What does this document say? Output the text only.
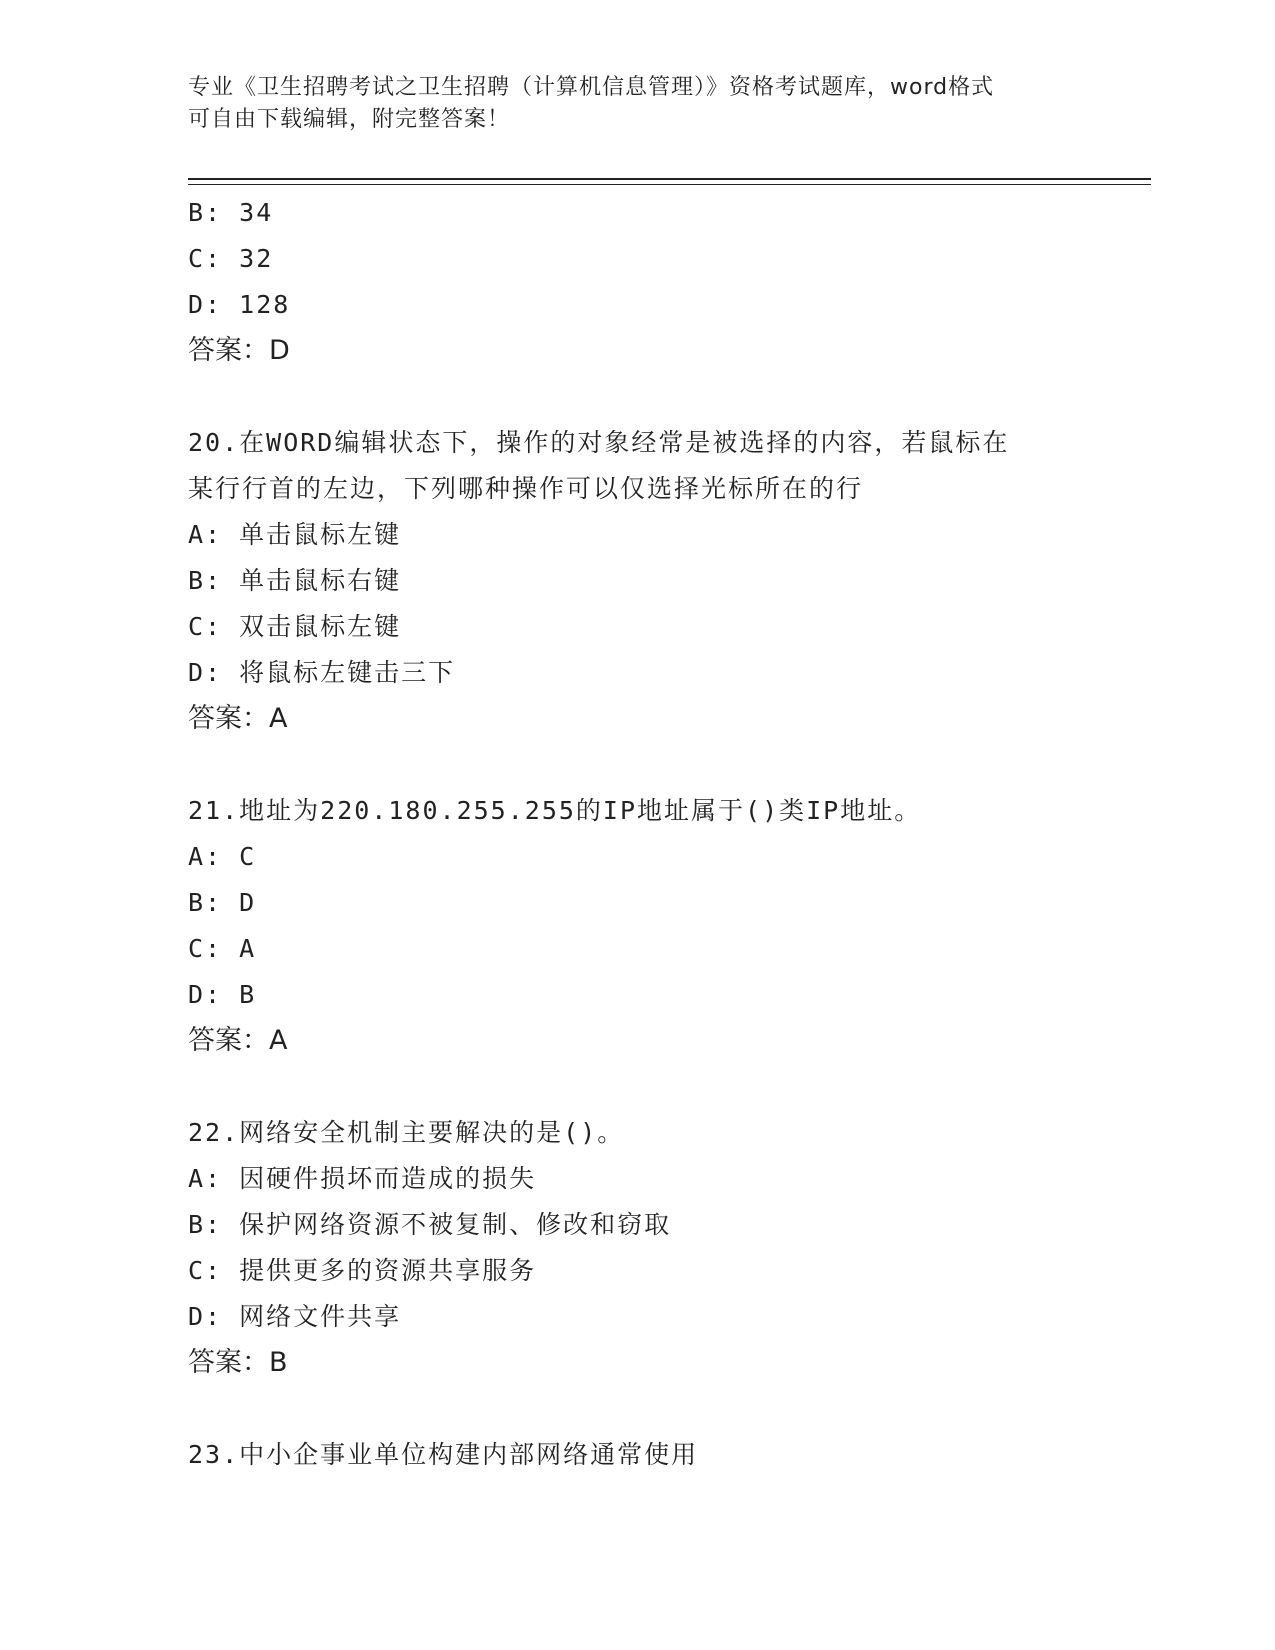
专业《卫生招聘考试之卫生招聘（计算机信息管理）》资格考试题库，word格式
可自由下载编辑，附完整答案！
B: 34
C: 32
D: 128
答案：D
20.在WORD编辑状态下，操作的对象经常是被选择的内容，若鼠标在
某行行首的左边，下列哪种操作可以仅选择光标所在的行
A: 单击鼠标左键
B: 单击鼠标右键
C: 双击鼠标左键
D: 将鼠标左键击三下
答案：A
21.地址为220.180.255.255的IP地址属于()类IP地址。
A: C
B: D
C: A
D: B
答案：A
22.网络安全机制主要解决的是()。
A: 因硬件损坏而造成的损失
B: 保护网络资源不被复制、修改和窃取
C: 提供更多的资源共享服务
D: 网络文件共享
答案：B
23.中小企事业单位构建内部网络通常使用
